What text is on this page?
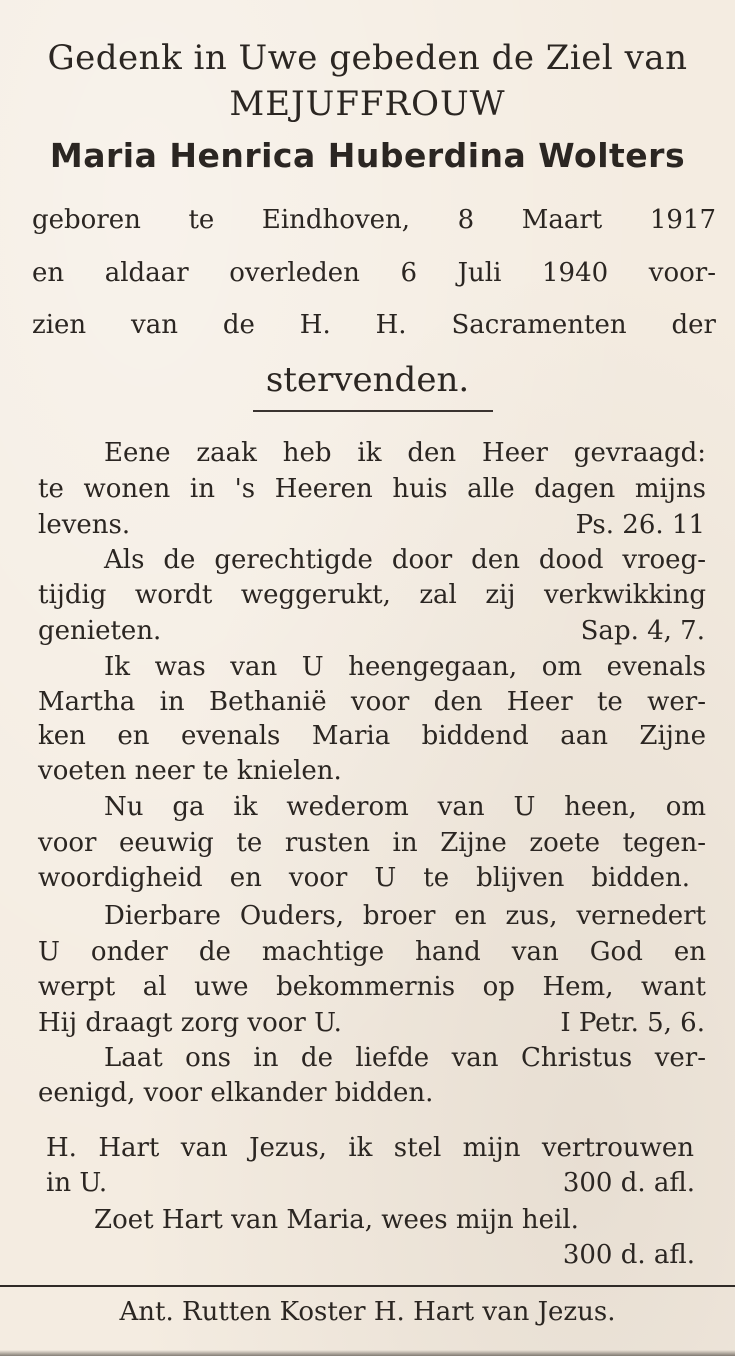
Gedenk in Uwe gebeden de Ziel van
MEJUFFROUW
Maria Henrica Huberdina Wolters
geboren te Eindhoven, 8 Maart 1917
en aldaar overleden 6 Juli 1940 voor-
zien van de H. H. Sacramenten der
stervenden.
Eene zaak heb ik den Heer gevraagd:
te wonen in 's Heeren huis alle dagen mijns
levens.	Ps. 26. 11
Als de gerechtigde door den dood vroeg-
tijdig wordt weggerukt, zal zij verkwikking
genieten.	Sap. 4, 7.
Ik was van U heengegaan, om evenals
Martha in Bethanië voor den Heer te wer-
ken en evenals Maria biddend aan Zijne
voeten neer te knielen.
Nu ga ik wederom van U heen, om
voor eeuwig te rusten in Zijne zoete tegen-
woordigheid en voor U te blijven bidden.
Dierbare Ouders, broer en zus, vernedert
U onder de machtige hand van God en
werpt al uwe bekommernis op Hem, want
Hij draagt zorg voor U.	I Petr. 5, 6.
Laat ons in de liefde van Christus ver-
eenigd, voor elkander bidden.
H. Hart van Jezus, ik stel mijn vertrouwen
in U.	300 d. afl.
Zoet Hart van Maria, wees mijn heil.
300 d. afl.
Ant. Rutten Koster H. Hart van Jezus.
